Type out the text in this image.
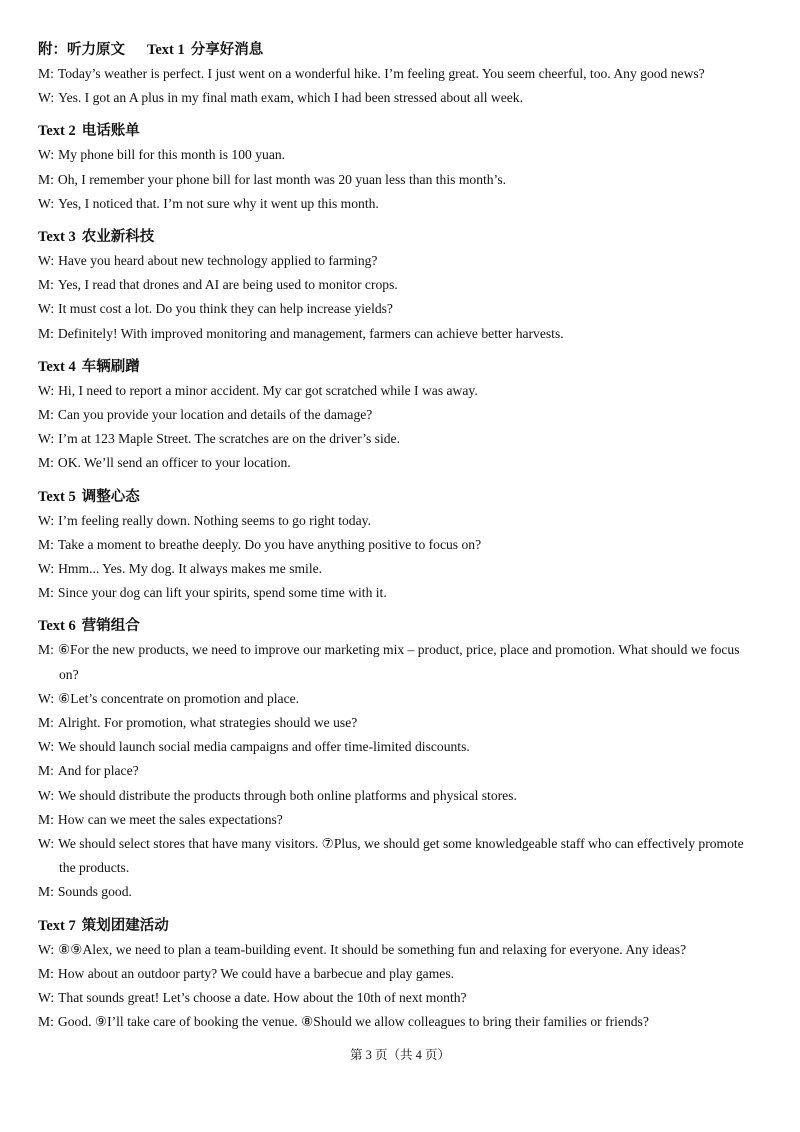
附：听力原文 Text 1 分享好消息
M: Today’s weather is perfect. I just went on a wonderful hike. I’m feeling great. You seem cheerful, too. Any good news?
W: Yes. I got an A plus in my final math exam, which I had been stressed about all week.
Text 2 电话账单
W: My phone bill for this month is 100 yuan.
M: Oh, I remember your phone bill for last month was 20 yuan less than this month’s.
W: Yes, I noticed that. I’m not sure why it went up this month.
Text 3 农业新科技
W: Have you heard about new technology applied to farming?
M: Yes, I read that drones and AI are being used to monitor crops.
W: It must cost a lot. Do you think they can help increase yields?
M: Definitely! With improved monitoring and management, farmers can achieve better harvests.
Text 4 车辆刷蹭
W: Hi, I need to report a minor accident. My car got scratched while I was away.
M: Can you provide your location and details of the damage?
W: I’m at 123 Maple Street. The scratches are on the driver’s side.
M: OK. We’ll send an officer to your location.
Text 5 调整心态
W: I’m feeling really down. Nothing seems to go right today.
M: Take a moment to breathe deeply. Do you have anything positive to focus on?
W: Hmm... Yes. My dog. It always makes me smile.
M: Since your dog can lift your spirits, spend some time with it.
Text 6 营销组合
M: ⑥For the new products, we need to improve our marketing mix – product, price, place and promotion. What should we focus on?
W: ⑥Let’s concentrate on promotion and place.
M: Alright. For promotion, what strategies should we use?
W: We should launch social media campaigns and offer time-limited discounts.
M: And for place?
W: We should distribute the products through both online platforms and physical stores.
M: How can we meet the sales expectations?
W: We should select stores that have many visitors. ⑦Plus, we should get some knowledgeable staff who can effectively promote the products.
M: Sounds good.
Text 7 策划团建活动
W: ⑧⑨Alex, we need to plan a team-building event. It should be something fun and relaxing for everyone. Any ideas?
M: How about an outdoor party? We could have a barbecue and play games.
W: That sounds great! Let’s choose a date. How about the 10th of next month?
M: Good. ⑨I’ll take care of booking the venue. ⑧Should we allow colleagues to bring their families or friends?
第 3 页（共 4 页）
